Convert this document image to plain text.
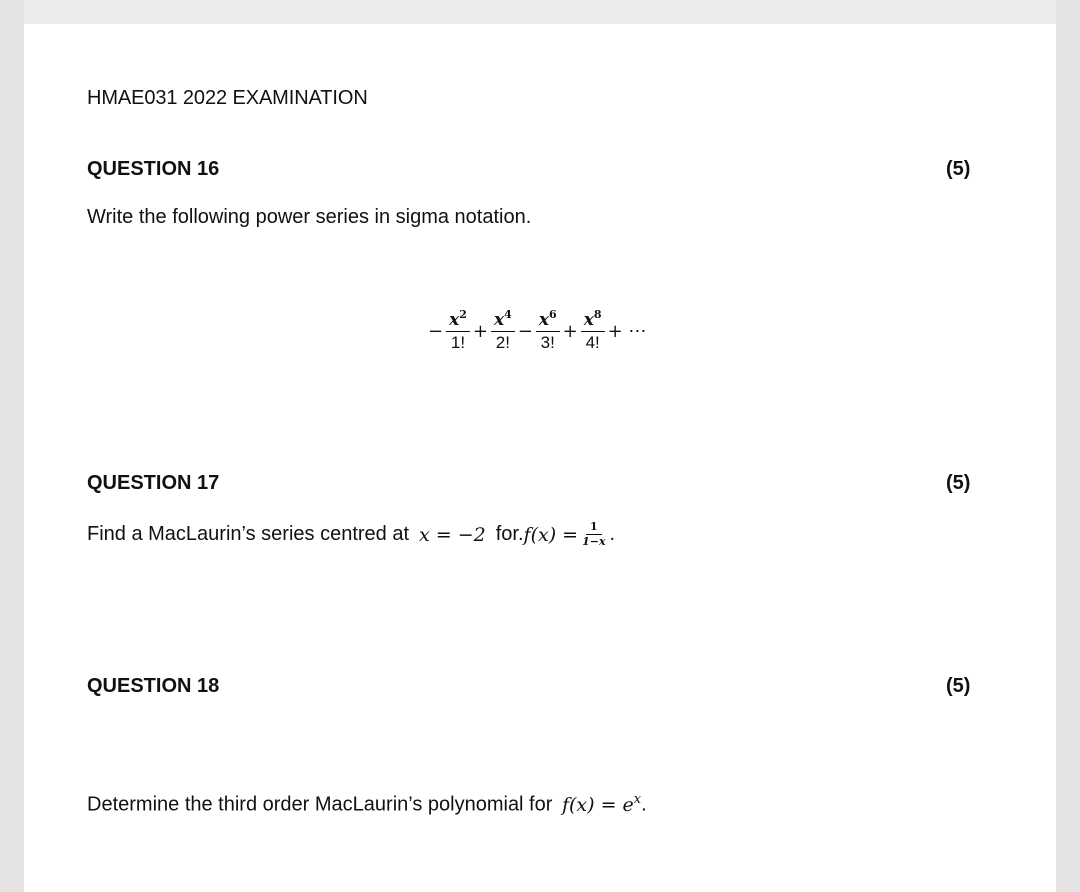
HMAE031 2022 EXAMINATION
QUESTION 16	(5)
Write the following power series in sigma notation.
− $\frac{x^2}{1!} + \frac{x^4}{2!} - \frac{x^6}{3!} + \frac{x^8}{4!}$ + ⋯
QUESTION 17	(5)
Find a MacLaurin’s series centred at x = −2 for. $f(x) = \frac{1}{1-x}$ .
QUESTION 18	(5)
Determine the third order MacLaurin’s polynomial for $f(x) = e^x$.
